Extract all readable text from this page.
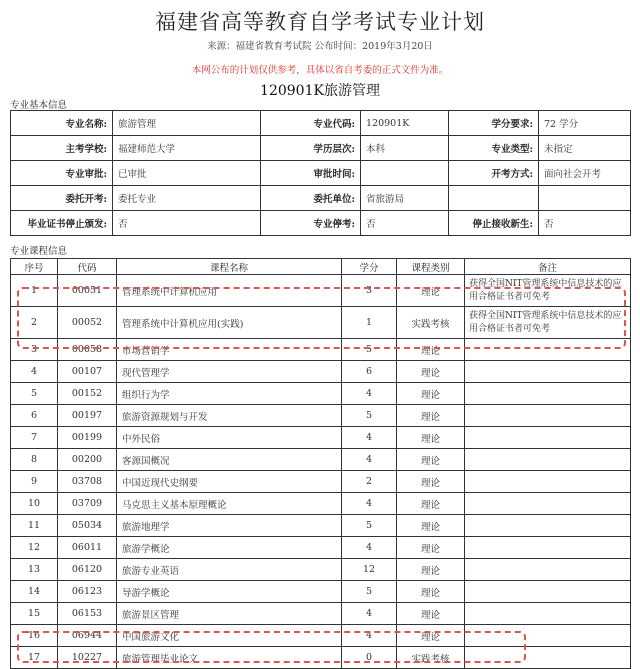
福建省高等教育自学考试专业计划
来源：福建省教育考试院 公布时间：2019年3月20日
本网公布的计划仅供参考，具体以省自考委的正式文件为准。
120901K旅游管理
专业基本信息
专业名称:	旅游管理	专业代码:	120901K	学分要求:	72 学分
主考学校:	福建师范大学	学历层次:	本科	专业类型:	未指定
专业审批:	已审批	审批时间:		开考方式:	面向社会开考
委托开考:	委托专业	委托单位:	省旅游局		
毕业证书停止颁发:	否	专业停考:	否	停止接收新生:	否
专业课程信息
序号	代码	课程名称	学分	课程类别	备注
1	00051	管理系统中计算机应用	3	理论	获得全国NIT管理系统中信息技术的应用合格证书者可免考
2	00052	管理系统中计算机应用(实践)	1	实践考核	获得全国NIT管理系统中信息技术的应用合格证书者可免考
3	00058	市场营销学	5	理论	
4	00107	现代管理学	6	理论	
5	00152	组织行为学	4	理论	
6	00197	旅游资源规划与开发	5	理论	
7	00199	中外民俗	4	理论	
8	00200	客源国概况	4	理论	
9	03708	中国近现代史纲要	2	理论	
10	03709	马克思主义基本原理概论	4	理论	
11	05034	旅游地理学	5	理论	
12	06011	旅游学概论	4	理论	
13	06120	旅游专业英语	12	理论	
14	06123	导游学概论	5	理论	
15	06153	旅游景区管理	4	理论	
16	06944	中国旅游文化	4	理论	
17	10227	旅游管理毕业论文	0	实践考核	
